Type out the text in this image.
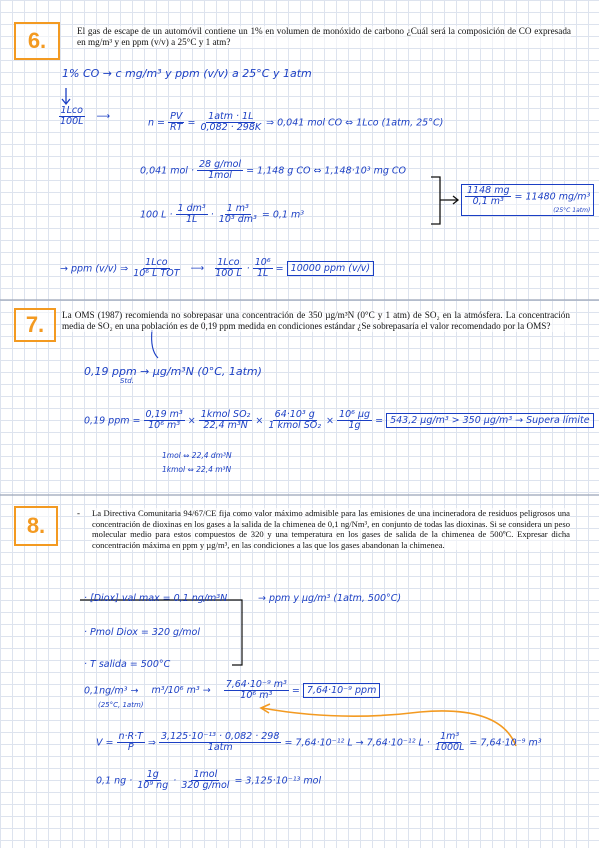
6.	El gas de escape de un automóvil contiene un 1% en volumen de monóxido de carbono ¿Cuál será la composición de CO expresada en mg/m³ y en ppm (v/v) a 25°C y 1 atm?
1% CO → c mg/m³ y ppm (v/v) a 25°C y 1atm
$\frac{\text{1Lco}}{100L}$ ⟶
$n = \frac{PV}{RT} = \frac{\text{1atm · 1L}}{0,082 \cdot 298K}$ ⇒ 0,041 mol CO ⇔ 1Lco (1atm, 25°C)
0,041 mol · $\frac{\text{28 g/mol}}{\text{1mol}} = 1,148$ g CO ⇔ 1,148·10³ mg CO
100 $L \cdot \frac{\text{1 dm³}}{1L} \cdot \frac{\text{1 m³}}{\text{10³ dm³}} = 0,1$ m³
$\frac{1148 mg}{\text{0,1 m³}} = 11480$ mg/m³
(25°C 1atm)
→ ppm (v/v) ⇒ $\frac{\text{1Lco}}{\text{10⁶ L TOT}}$ ⟶ $\frac{\text{1Lco}}{100 L} \cdot \frac{\text{10⁶}}{1L} = 10000$ ppm (v/v)
7.	La OMS (1987) recomienda no sobrepasar una concentración de 350 µg/m³N (0°C y 1 atm) de SO₂ en la atmósfera. La concentración media de SO₂ en una población es de 0,19 ppm medida en condiciones estándar ¿Se sobrepasaría el valor recomendado por la OMS?
0,19 ppm → µg/m³N (0°C, 1atm)
Std.
0,19 ppm = $\frac{\text{0,19 m³}}{\text{10⁶ m³}} \times \frac{\text{1kmol SO₂}}{\text{22,4 m³N}} \times \frac{\text{64·10³ g}}{\text{1 kmol SO₂}} \times \frac{\text{10⁶ µg}}{1g} = 543,2$ µg/m³ > 350 µg/m³ → Supera límite
1mol ⇔ 22,4 dm³N
1kmol ⇔ 22,4 m³N
8.	- La Directiva Comunitaria 94/67/CE fija como valor máximo admisible para las emisiones de una incineradora de residuos peligrosos una concentración de dioxinas en los gases a la salida de la chimenea de 0,1 ng/Nm³, en conjunto de todas las dioxinas. Si se considera un peso molecular medio para estos compuestos de 320 y una temperatura en los gases de salida de la chimenea de 500ºC. Expresar dicha concentración máxima en ppm y µg/m³, en las condiciones a las que los gases abandonan la chimenea.
· [Diox] val max = 0,1 ng/m³N	→ ppm y µg/m³ (1atm, 500°C)
· Pmol Diox = 320 g/mol
· T salida = 500°C
0,1ng/m³ → m³/10⁶ $m^3 \to \frac{\text{7,64·10⁻⁹ m³}}{\text{10⁶ m³}} = 7,64\cdot 10^{-9}$ ppm
(25°C, 1atm)
$V = \frac{n\cdot R\cdot T}{P}$ ⇒ $\frac{\text{3,125·10⁻¹³ · 0,082 · 298}}{\text{1atm}} = 7,64\cdot 10^{-12}$ L → 7,64·10⁻¹² $L \cdot \frac{\text{1m³}}{1000L} = 7,64\cdot 10^{-9}$ m³
0,1 ng · $\frac{1g}{\text{10⁹ ng}} \cdot \frac{\text{1mol}}{\text{320 g/mol}} = 3,125\cdot 10^{-13}$ mol
